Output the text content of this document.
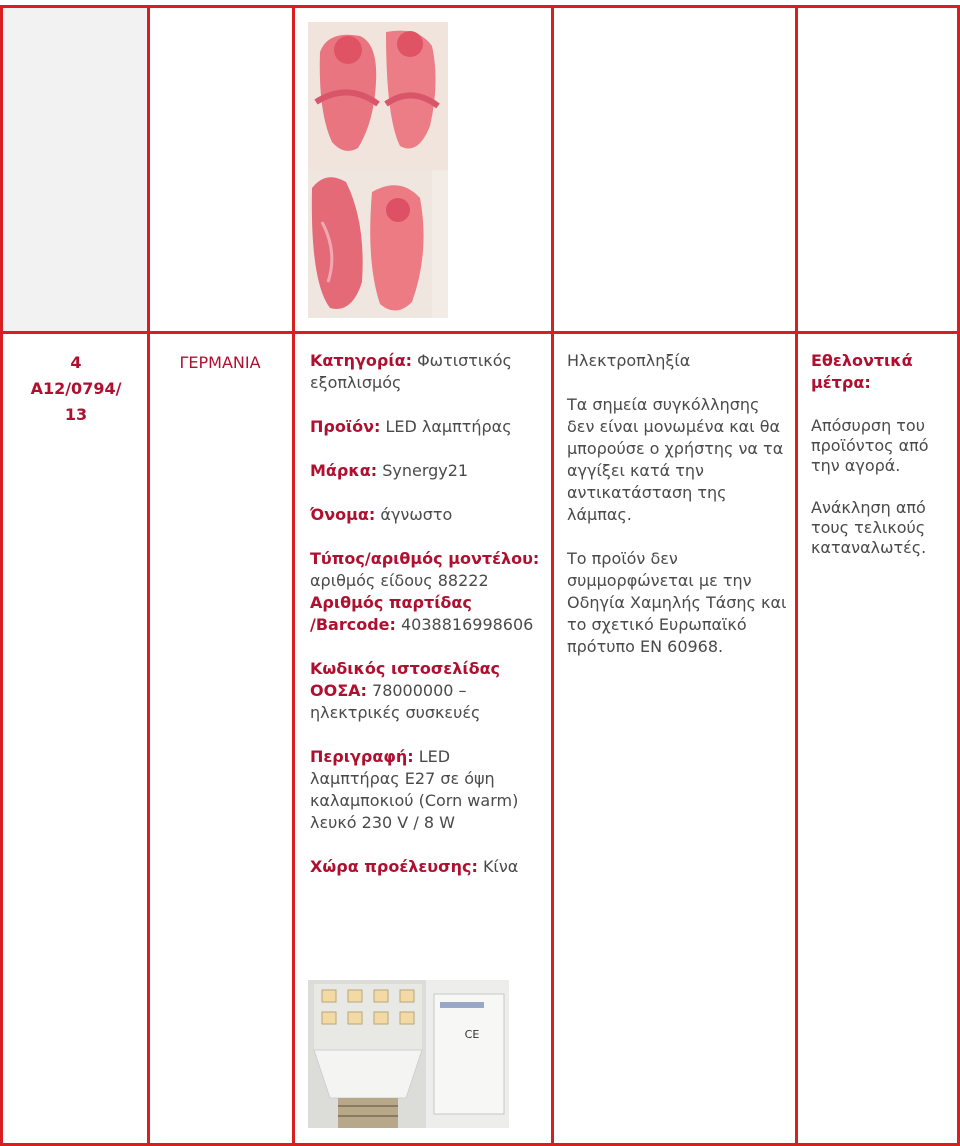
4
A12/0794/
13
ΓΕΡΜΑΝΙΑ	Κατηγορία: Φωτιστικός εξοπλισμός

Προϊόν: LED λαμπτήρας

Μάρκα: Synergy21

Όνομα: άγνωστο

Τύπος/αριθμός μοντέλου: αριθμός είδους 88222

Αριθμός παρτίδας /Barcode: 4038816998606

Κωδικός ιστοσελίδας ΟΟΣΑ: 78000000 – ηλεκτρικές συσκευές

Περιγραφή: LED λαμπτήρας E27 σε όψη καλαμποκιού (Corn warm) λευκό 230 V / 8 W

Χώρα προέλευσης: Κίνα

CE

Ηλεκτροπληξία

Τα σημεία συγκόλλησης δεν είναι μονωμένα και θα μπορούσε ο χρήστης να τα αγγίξει κατά την αντικατάσταση της λάμπας.

Το προϊόν δεν συμμορφώνεται με την Οδηγία Χαμηλής Τάσης και το σχετικό Ευρωπαϊκό πρότυπο EN 60968.

Εθελοντικά μέτρα:

Απόσυρση του προϊόντος από την αγορά.

Ανάκληση από τους τελικούς καταναλωτές.
